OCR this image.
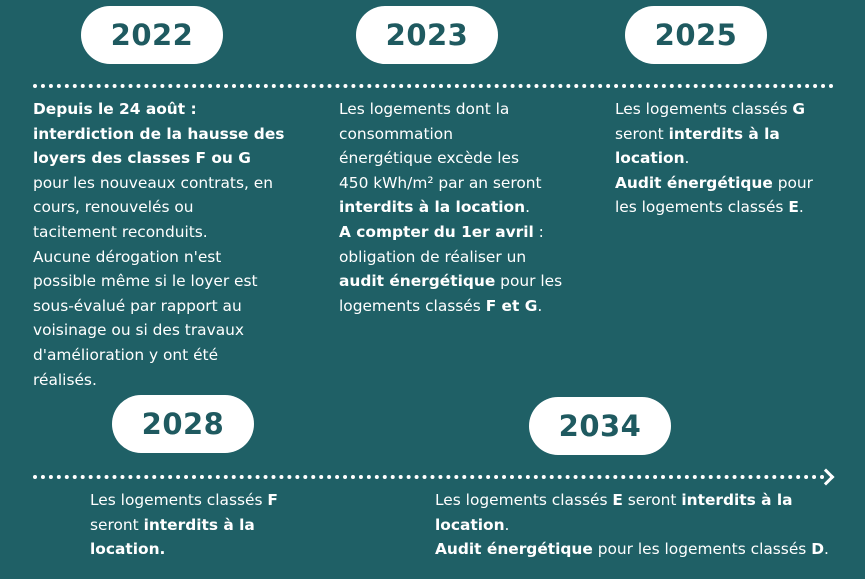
2022	2023	2025
2028	2034
Depuis le 24 août :
interdiction de la hausse des
loyers des classes F ou G
pour les nouveaux contrats, en
cours, renouvelés ou
tacitement reconduits.
Aucune dérogation n'est
possible même si le loyer est
sous-évalué par rapport au
voisinage ou si des travaux
d'amélioration y ont été
réalisés.
Les logements dont la
consommation
énergétique excède les
450 kWh/m² par an seront
interdits à la location.
A compter du 1er avril :
obligation de réaliser un
audit énergétique pour les
logements classés F et G.
Les logements classés G
seront interdits à la
location.
Audit énergétique pour
les logements classés E.
Les logements classés F
seront interdits à la
location.
Les logements classés E seront interdits à la
location.
Audit énergétique pour les logements classés D.
